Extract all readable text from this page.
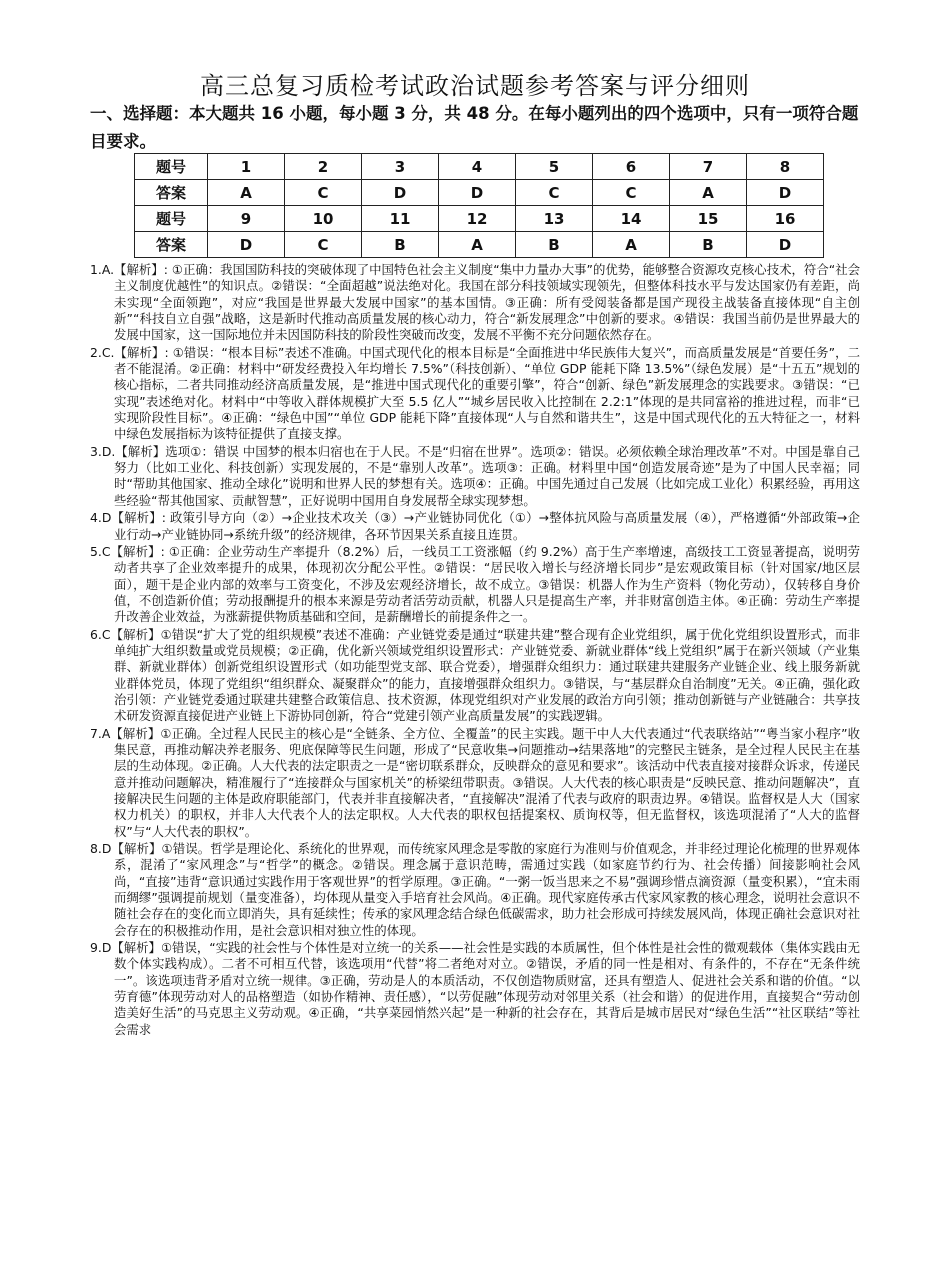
高三总复习质检考试政治试题参考答案与评分细则
一、选择题：本大题共 16 小题，每小题 3 分，共 48 分。在每小题列出的四个选项中，只有一项符合题目要求。
题号	1	2	3	4	5	6	7	8
答案	A	C	D	D	C	C	A	D
题号	9	10	11	12	13	14	15	16
答案	D	C	B	A	B	A	B	D
1.A.【解析】: ①正确：我国国防科技的突破体现了中国特色社会主义制度“集中力量办大事”的优势，能够整合资源攻克核心技术，符合“社会主义制度优越性”的知识点。②错误：“全面超越”说法绝对化。我国在部分科技领域实现领先，但整体科技水平与发达国家仍有差距，尚未实现“全面领跑”，对应“我国是世界最大发展中国家”的基本国情。③正确：所有受阅装备都是国产现役主战装备直接体现“自主创新”“科技自立自强”战略，这是新时代推动高质量发展的核心动力，符合“新发展理念”中创新的要求。④错误：我国当前仍是世界最大的发展中国家，这一国际地位并未因国防科技的阶段性突破而改变，发展不平衡不充分问题依然存在。
2.C.【解析】: ①错误：“根本目标”表述不准确。中国式现代化的根本目标是“全面推进中华民族伟大复兴”，而高质量发展是“首要任务”，二者不能混淆。②正确：材料中“研发经费投入年均增长 7.5%”（科技创新）、“单位 GDP 能耗下降 13.5%”（绿色发展）是“十五五”规划的核心指标，二者共同推动经济高质量发展，是“推进中国式现代化的重要引擎”，符合“创新、绿色”新发展理念的实践要求。③错误：“已实现”表述绝对化。材料中“中等收入群体规模扩大至 5.5 亿人”“城乡居民收入比控制在 2.2:1”体现的是共同富裕的推进过程，而非“已实现阶段性目标”。④正确：“绿色中国”“单位 GDP 能耗下降”直接体现“人与自然和谐共生”，这是中国式现代化的五大特征之一，材料中绿色发展指标为该特征提供了直接支撑。
3.D.【解析】选项①：错误 中国梦的根本归宿也在于人民。不是“归宿在世界”。选项②：错误。必须依赖全球治理改革”不对。中国是靠自己努力（比如工业化、科技创新）实现发展的，不是“靠别人改革”。选项③：正确。材料里中国“创造发展奇迹”是为了中国人民幸福；同时“帮助其他国家、推动全球化”说明和世界人民的梦想有关。选项④：正确。中国先通过自己发展（比如完成工业化）积累经验，再用这些经验“帮其他国家、贡献智慧”，正好说明中国用自身发展帮全球实现梦想。
4.D【解析】: 政策引导方向（②）→企业技术攻关（③）→产业链协同优化（①）→整体抗风险与高质量发展（④），严格遵循“外部政策→企业行动→产业链协同→系统升级”的经济规律，各环节因果关系直接且连贯。
5.C【解析】: ①正确：企业劳动生产率提升（8.2%）后，一线员工工资涨幅（约 9.2%）高于生产率增速，高级技工工资显著提高，说明劳动者共享了企业效率提升的成果，体现初次分配公平性。②错误：“居民收入增长与经济增长同步”是宏观政策目标（针对国家/地区层面），题干是企业内部的效率与工资变化，不涉及宏观经济增长，故不成立。③错误：机器人作为生产资料（物化劳动），仅转移自身价值，不创造新价值；劳动报酬提升的根本来源是劳动者活劳动贡献，机器人只是提高生产率，并非财富创造主体。④正确：劳动生产率提升改善企业效益，为涨薪提供物质基础和空间，是薪酬增长的前提条件之一。
6.C【解析】①错误“扩大了党的组织规模”表述不准确：产业链党委是通过“联建共建”整合现有企业党组织，属于优化党组织设置形式，而非单纯扩大组织数量或党员规模；②正确，优化新兴领域党组织设置形式：产业链党委、新就业群体“线上党组织”属于在新兴领域（产业集群、新就业群体）创新党组织设置形式（如功能型党支部、联合党委），增强群众组织力：通过联建共建服务产业链企业、线上服务新就业群体党员，体现了党组织“组织群众、凝聚群众”的能力，直接增强群众组织力。③错误，与“基层群众自治制度”无关。④正确，强化政治引领：产业链党委通过联建共建整合政策信息、技术资源，体现党组织对产业发展的政治方向引领；推动创新链与产业链融合：共享技术研发资源直接促进产业链上下游协同创新，符合“党建引领产业高质量发展”的实践逻辑。
7.A【解析】①正确。全过程人民民主的核心是“全链条、全方位、全覆盖”的民主实践。题干中人大代表通过“代表联络站”“粤当家小程序”收集民意，再推动解决养老服务、兜底保障等民生问题，形成了“民意收集→问题推动→结果落地”的完整民主链条，是全过程人民民主在基层的生动体现。②正确。人大代表的法定职责之一是“密切联系群众，反映群众的意见和要求”。该活动中代表直接对接群众诉求，传递民意并推动问题解决，精准履行了“连接群众与国家机关”的桥梁纽带职责。③错误。人大代表的核心职责是“反映民意、推动问题解决”，直接解决民生问题的主体是政府职能部门，代表并非直接解决者，“直接解决”混淆了代表与政府的职责边界。④错误。监督权是人大（国家权力机关）的职权，并非人大代表个人的法定职权。人大代表的职权包括提案权、质询权等，但无监督权，该选项混淆了“人大的监督权”与“人大代表的职权”。
8.D【解析】①错误。哲学是理论化、系统化的世界观，而传统家风理念是零散的家庭行为准则与价值观念，并非经过理论化梳理的世界观体系，混淆了“家风理念”与“哲学”的概念。②错误。理念属于意识范畴，需通过实践（如家庭节约行为、社会传播）间接影响社会风尚，“直接”违背“意识通过实践作用于客观世界”的哲学原理。③正确。“一粥一饭当思来之不易”强调珍惜点滴资源（量变积累），“宜未雨而绸缪”强调提前规划（量变准备），均体现从量变入手培育社会风尚。④正确。现代家庭传承古代家风家教的核心理念，说明社会意识不随社会存在的变化而立即消失，具有延续性；传承的家风理念结合绿色低碳需求，助力社会形成可持续发展风尚，体现正确社会意识对社会存在的积极推动作用，是社会意识相对独立性的体现。
9.D【解析】①错误，“实践的社会性与个体性是对立统一的关系——社会性是实践的本质属性，但个体性是社会性的微观载体（集体实践由无数个体实践构成）。二者不可相互代替，该选项用“代替”将二者绝对对立。②错误，矛盾的同一性是相对、有条件的，不存在“无条件统一”。该选项违背矛盾对立统一规律。③正确，劳动是人的本质活动，不仅创造物质财富，还具有塑造人、促进社会关系和谐的价值。“以劳育德”体现劳动对人的品格塑造（如协作精神、责任感），“以劳促融”体现劳动对邻里关系（社会和谐）的促进作用，直接契合“劳动创造美好生活”的马克思主义劳动观。④正确，“共享菜园悄然兴起”是一种新的社会存在，其背后是城市居民对“绿色生活”“社区联结”等社会需求
